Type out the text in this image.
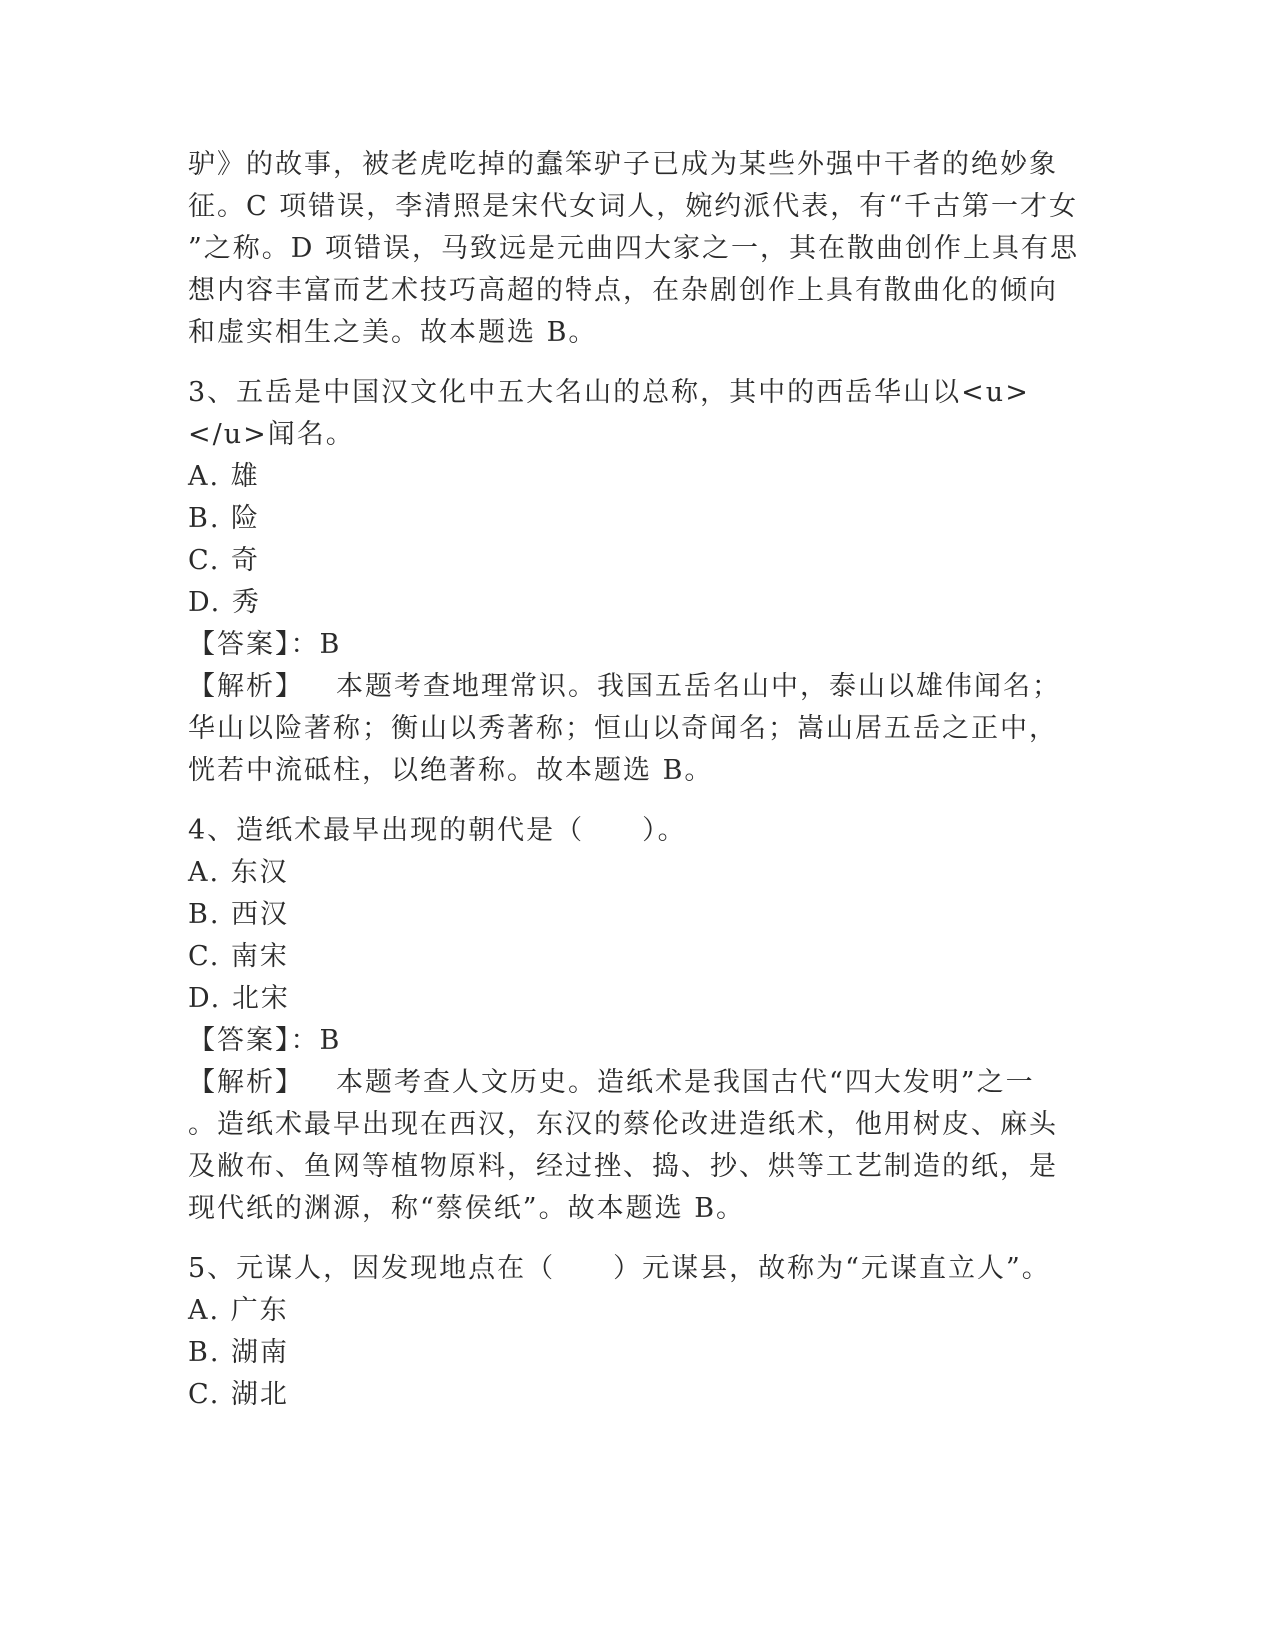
驴》的故事，被老虎吃掉的蠢笨驴子已成为某些外强中干者的绝妙象
征。C 项错误，李清照是宋代女词人，婉约派代表，有“千古第一才女
”之称。D 项错误，马致远是元曲四大家之一，其在散曲创作上具有思
想内容丰富而艺术技巧高超的特点，在杂剧创作上具有散曲化的倾向
和虚实相生之美。故本题选 B。
3、五岳是中国汉文化中五大名山的总称，其中的西岳华山以<u>
</u>闻名。
A. 雄
B. 险
C. 奇
D. 秀
【答案】：B
【解析】 本题考查地理常识。我国五岳名山中，泰山以雄伟闻名；
华山以险著称；衡山以秀著称；恒山以奇闻名；嵩山居五岳之正中，
恍若中流砥柱，以绝著称。故本题选 B。
4、造纸术最早出现的朝代是（　　）。
A. 东汉
B. 西汉
C. 南宋
D. 北宋
【答案】：B
【解析】 本题考查人文历史。造纸术是我国古代“四大发明”之一
。造纸术最早出现在西汉，东汉的蔡伦改进造纸术，他用树皮、麻头
及敝布、鱼网等植物原料，经过挫、捣、抄、烘等工艺制造的纸，是
现代纸的渊源，称“蔡侯纸”。故本题选 B。
5、元谋人，因发现地点在（　　）元谋县，故称为“元谋直立人”。
A. 广东
B. 湖南
C. 湖北
